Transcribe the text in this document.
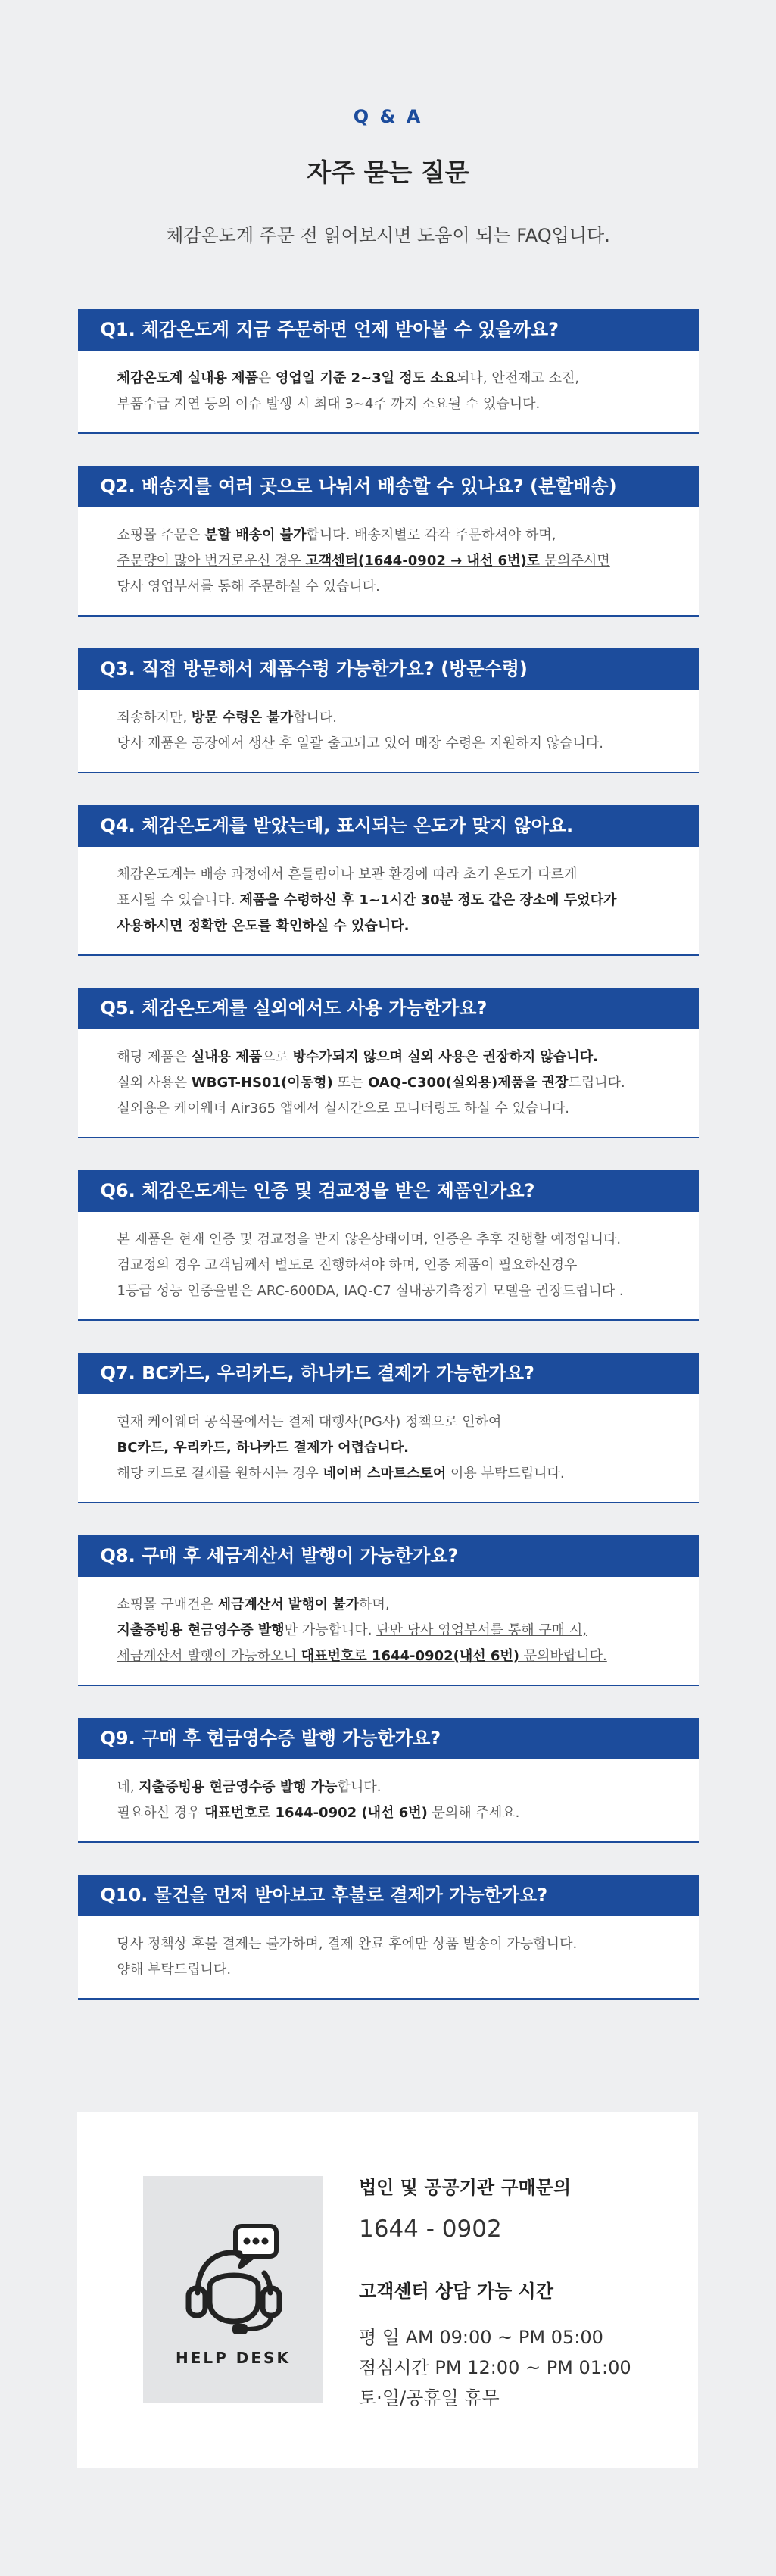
Q & A
자주 묻는 질문
체감온도계 주문 전 읽어보시면 도움이 되는 FAQ입니다.
Q1. 체감온도계 지금 주문하면 언제 받아볼 수 있을까요?

체감온도계 실내용 제품은 영업일 기준 2~3일 정도 소요되나, 안전재고 소진,

부품수급 지연 등의 이슈 발생 시 최대 3~4주 까지 소요될 수 있습니다.

Q2. 배송지를 여러 곳으로 나눠서 배송할 수 있나요? (분할배송)

쇼핑몰 주문은 분할 배송이 불가합니다. 배송지별로 각각 주문하셔야 하며,

주문량이 많아 번거로우신 경우 고객센터(1644-0902 → 내선 6번)로 문의주시면

당사 영업부서를 통해 주문하실 수 있습니다.

Q3. 직접 방문해서 제품수령 가능한가요? (방문수령)

죄송하지만, 방문 수령은 불가합니다.

당사 제품은 공장에서 생산 후 일괄 출고되고 있어 매장 수령은 지원하지 않습니다.

Q4. 체감온도계를 받았는데, 표시되는 온도가 맞지 않아요.

체감온도계는 배송 과정에서 흔들림이나 보관 환경에 따라 초기 온도가 다르게

표시될 수 있습니다. 제품을 수령하신 후 1~1시간 30분 정도 같은 장소에 두었다가

사용하시면 정확한 온도를 확인하실 수 있습니다.

Q5. 체감온도계를 실외에서도 사용 가능한가요?

해당 제품은 실내용 제품으로 방수가되지 않으며 실외 사용은 권장하지 않습니다.

실외 사용은 WBGT-HS01(이동형) 또는 OAQ-C300(실외용)제품을 권장드립니다.

실외용은 케이웨더 Air365 앱에서 실시간으로 모니터링도 하실 수 있습니다.

Q6. 체감온도계는 인증 및 검교정을 받은 제품인가요?

본 제품은 현재 인증 및 검교정을 받지 않은상태이며, 인증은 추후 진행할 예정입니다.

검교정의 경우 고객님께서 별도로 진행하셔야 하며, 인증 제품이 필요하신경우

1등급 성능 인증을받은 ARC-600DA, IAQ-C7 실내공기측정기 모델을 권장드립니다 .

Q7. BC카드, 우리카드, 하나카드 결제가 가능한가요?

현재 케이웨더 공식몰에서는 결제 대행사(PG사) 정책으로 인하여

BC카드, 우리카드, 하나카드 결제가 어렵습니다.

해당 카드로 결제를 원하시는 경우 네이버 스마트스토어 이용 부탁드립니다.

Q8. 구매 후 세금계산서 발행이 가능한가요?

쇼핑몰 구매건은 세금계산서 발행이 불가하며,

지출증빙용 현금영수증 발행만 가능합니다. 단만 당사 영업부서를 통해 구매 시,

세금계산서 발행이 가능하오니 대표번호로 1644-0902(내선 6번) 문의바랍니다.

Q9. 구매 후 현금영수증 발행 가능한가요?

네, 지출증빙용 현금영수증 발행 가능합니다.

필요하신 경우 대표번호로 1644-0902 (내선 6번) 문의해 주세요.

Q10. 물건을 먼저 받아보고 후불로 결제가 가능한가요?

당사 정책상 후불 결제는 불가하며, 결제 완료 후에만 상품 발송이 가능합니다.

양해 부탁드립니다.

HELP DESK
법인 및 공공기관 구매문의
1644 - 0902
고객센터 상담 가능 시간

평 일 AM 09:00 ~ PM 05:00

점심시간 PM 12:00 ~ PM 01:00

토·일/공휴일 휴무
